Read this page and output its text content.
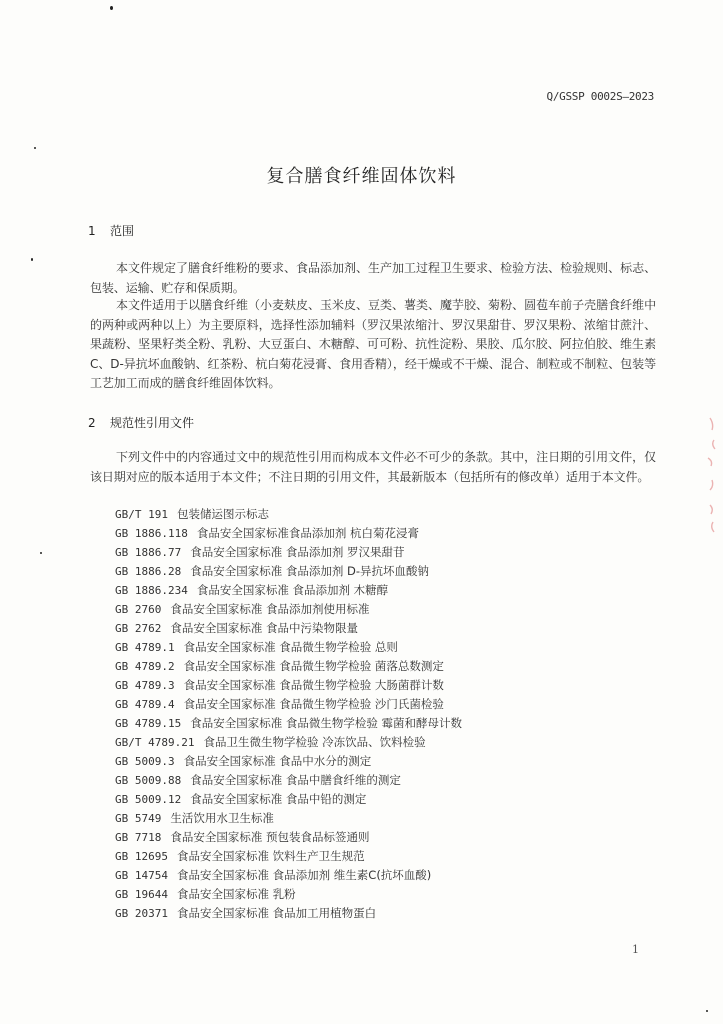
Q/GSSP 0002S—2023
复合膳食纤维固体饮料
1 范围
本文件规定了膳食纤维粉的要求、食品添加剂、生产加工过程卫生要求、检验方法、检验规则、标志、包装、运输、贮存和保质期。
本文件适用于以膳食纤维（小麦麸皮、玉米皮、豆类、薯类、魔芋胶、菊粉、圆苞车前子壳膳食纤维中的两种或两种以上）为主要原料，选择性添加辅料（罗汉果浓缩汁、罗汉果甜苷、罗汉果粉、浓缩甘蔗汁、果蔬粉、坚果籽类全粉、乳粉、大豆蛋白、木糖醇、可可粉、抗性淀粉、果胶、瓜尔胶、阿拉伯胶、维生素C、D-异抗坏血酸钠、红茶粉、杭白菊花浸膏、食用香精），经干燥或不干燥、混合、制粒或不制粒、包装等工艺加工而成的膳食纤维固体饮料。
2 规范性引用文件
下列文件中的内容通过文中的规范性引用而构成本文件必不可少的条款。其中，注日期的引用文件，仅该日期对应的版本适用于本文件；不注日期的引用文件，其最新版本（包括所有的修改单）适用于本文件。
GB/T 191 包装储运图示标志
GB 1886.118 食品安全国家标准食品添加剂 杭白菊花浸膏
GB 1886.77 食品安全国家标准 食品添加剂 罗汉果甜苷
GB 1886.28 食品安全国家标准 食品添加剂 D-异抗坏血酸钠
GB 1886.234 食品安全国家标准 食品添加剂 木糖醇
GB 2760 食品安全国家标准 食品添加剂使用标准
GB 2762 食品安全国家标准 食品中污染物限量
GB 4789.1 食品安全国家标准 食品微生物学检验 总则
GB 4789.2 食品安全国家标准 食品微生物学检验 菌落总数测定
GB 4789.3 食品安全国家标准 食品微生物学检验 大肠菌群计数
GB 4789.4 食品安全国家标准 食品微生物学检验 沙门氏菌检验
GB 4789.15 食品安全国家标准 食品微生物学检验 霉菌和酵母计数
GB/T 4789.21 食品卫生微生物学检验 冷冻饮品、饮料检验
GB 5009.3 食品安全国家标准 食品中水分的测定
GB 5009.88 食品安全国家标准 食品中膳食纤维的测定
GB 5009.12 食品安全国家标准 食品中铅的测定
GB 5749 生活饮用水卫生标准
GB 7718 食品安全国家标准 预包装食品标签通则
GB 12695 食品安全国家标准 饮料生产卫生规范
GB 14754 食品安全国家标准 食品添加剂 维生素C(抗坏血酸)
GB 19644 食品安全国家标准 乳粉
GB 20371 食品安全国家标准 食品加工用植物蛋白
1
